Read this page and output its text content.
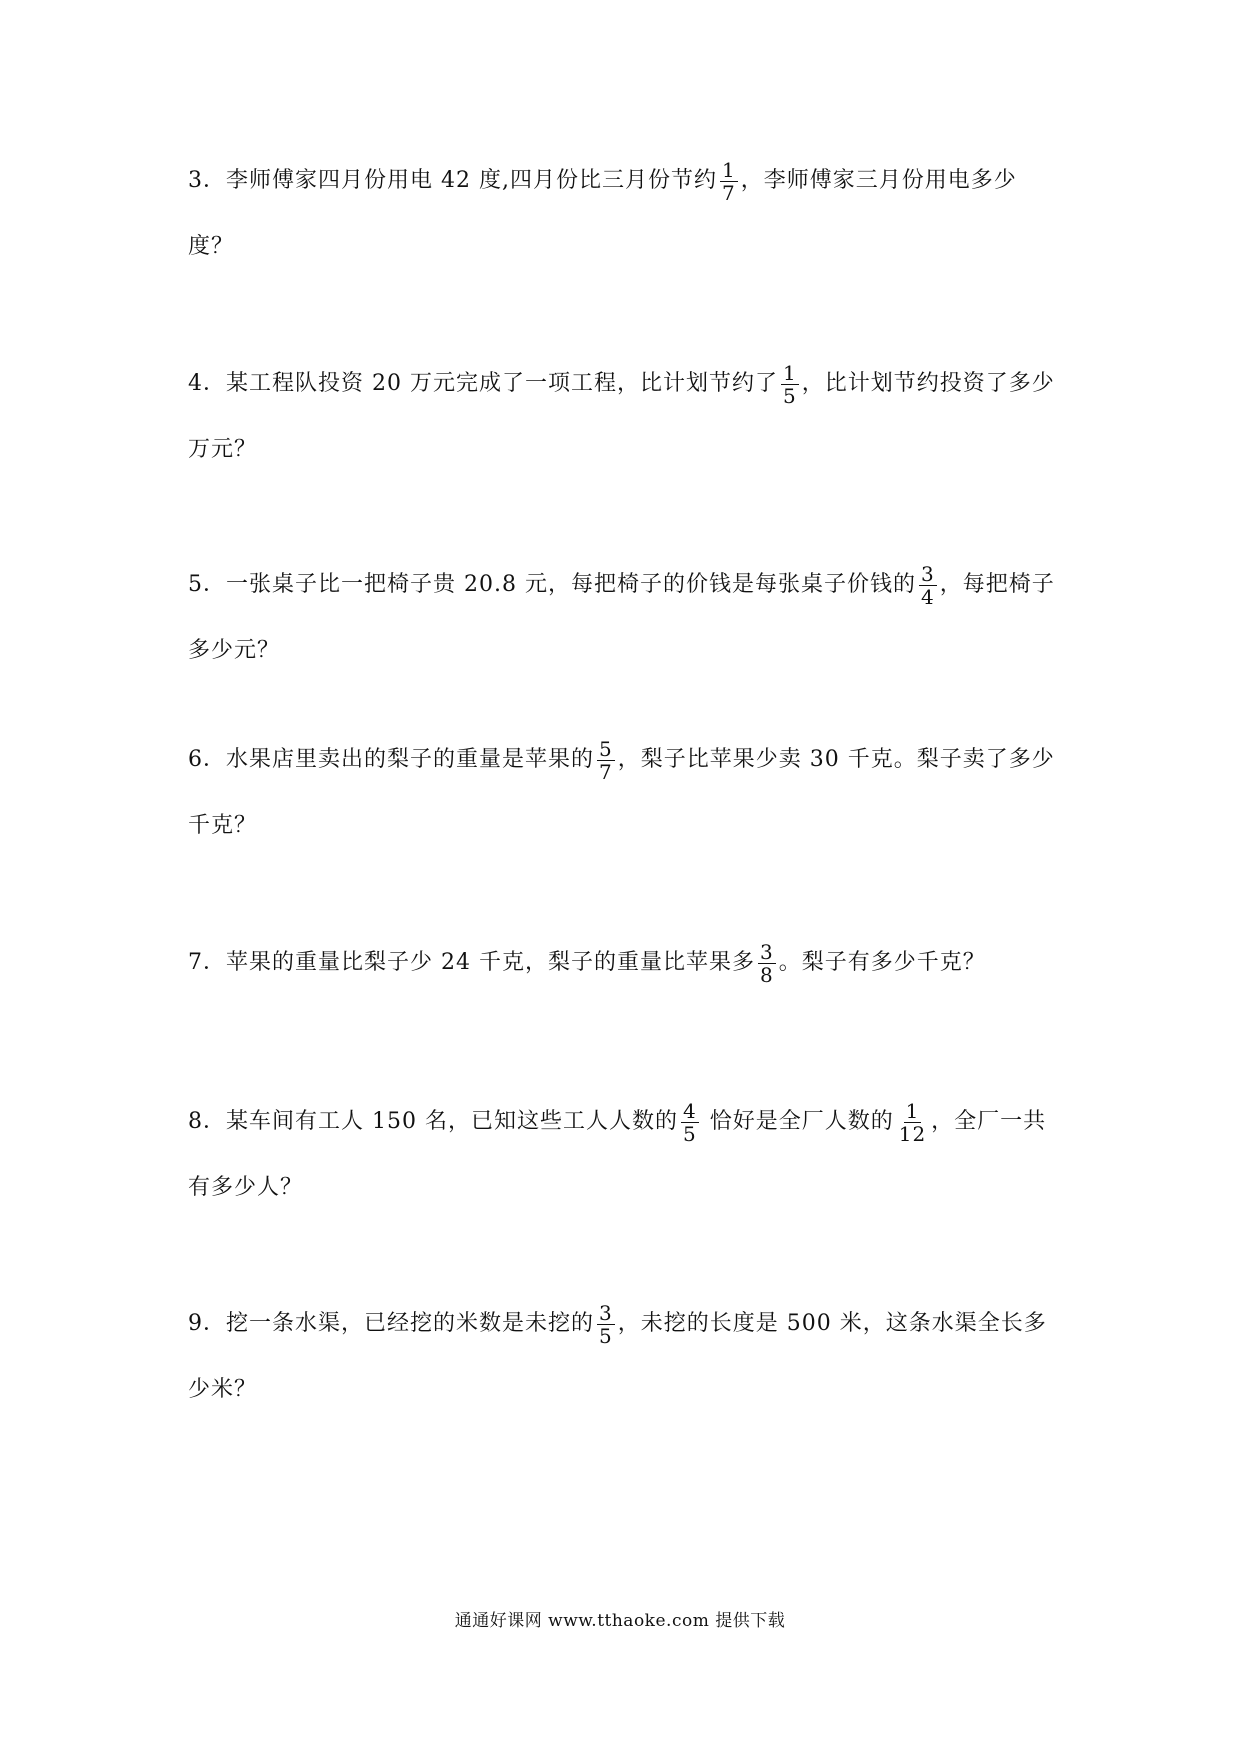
3．李师傅家四月份用电 42 度,四月份比三月份节约 $\frac{1}{7}$ ，李师傅家三月份用电多少度？
4．某工程队投资 20 万元完成了一项工程，比计划节约了 $\frac{1}{5}$ ，比计划节约投资了多少万元？
5．一张桌子比一把椅子贵 20.8 元，每把椅子的价钱是每张桌子价钱的 $\frac{3}{4}$ ，每把椅子多少元？
6．水果店里卖出的梨子的重量是苹果的 $\frac{5}{7}$ ，梨子比苹果少卖 30 千克。梨子卖了多少千克？
7．苹果的重量比梨子少 24 千克，梨子的重量比苹果多 $\frac{3}{8}$ 。梨子有多少千克？
8．某车间有工人 150 名，已知这些工人人数的 $\frac{4}{5}$ 恰好是全厂人数的 $\frac{1}{12}$ ，全厂一共有多少人？
9．挖一条水渠，已经挖的米数是未挖的 $\frac{3}{5}$ ，未挖的长度是 500 米，这条水渠全长多少米？
通通好课网 www.tthaoke.com 提供下载
